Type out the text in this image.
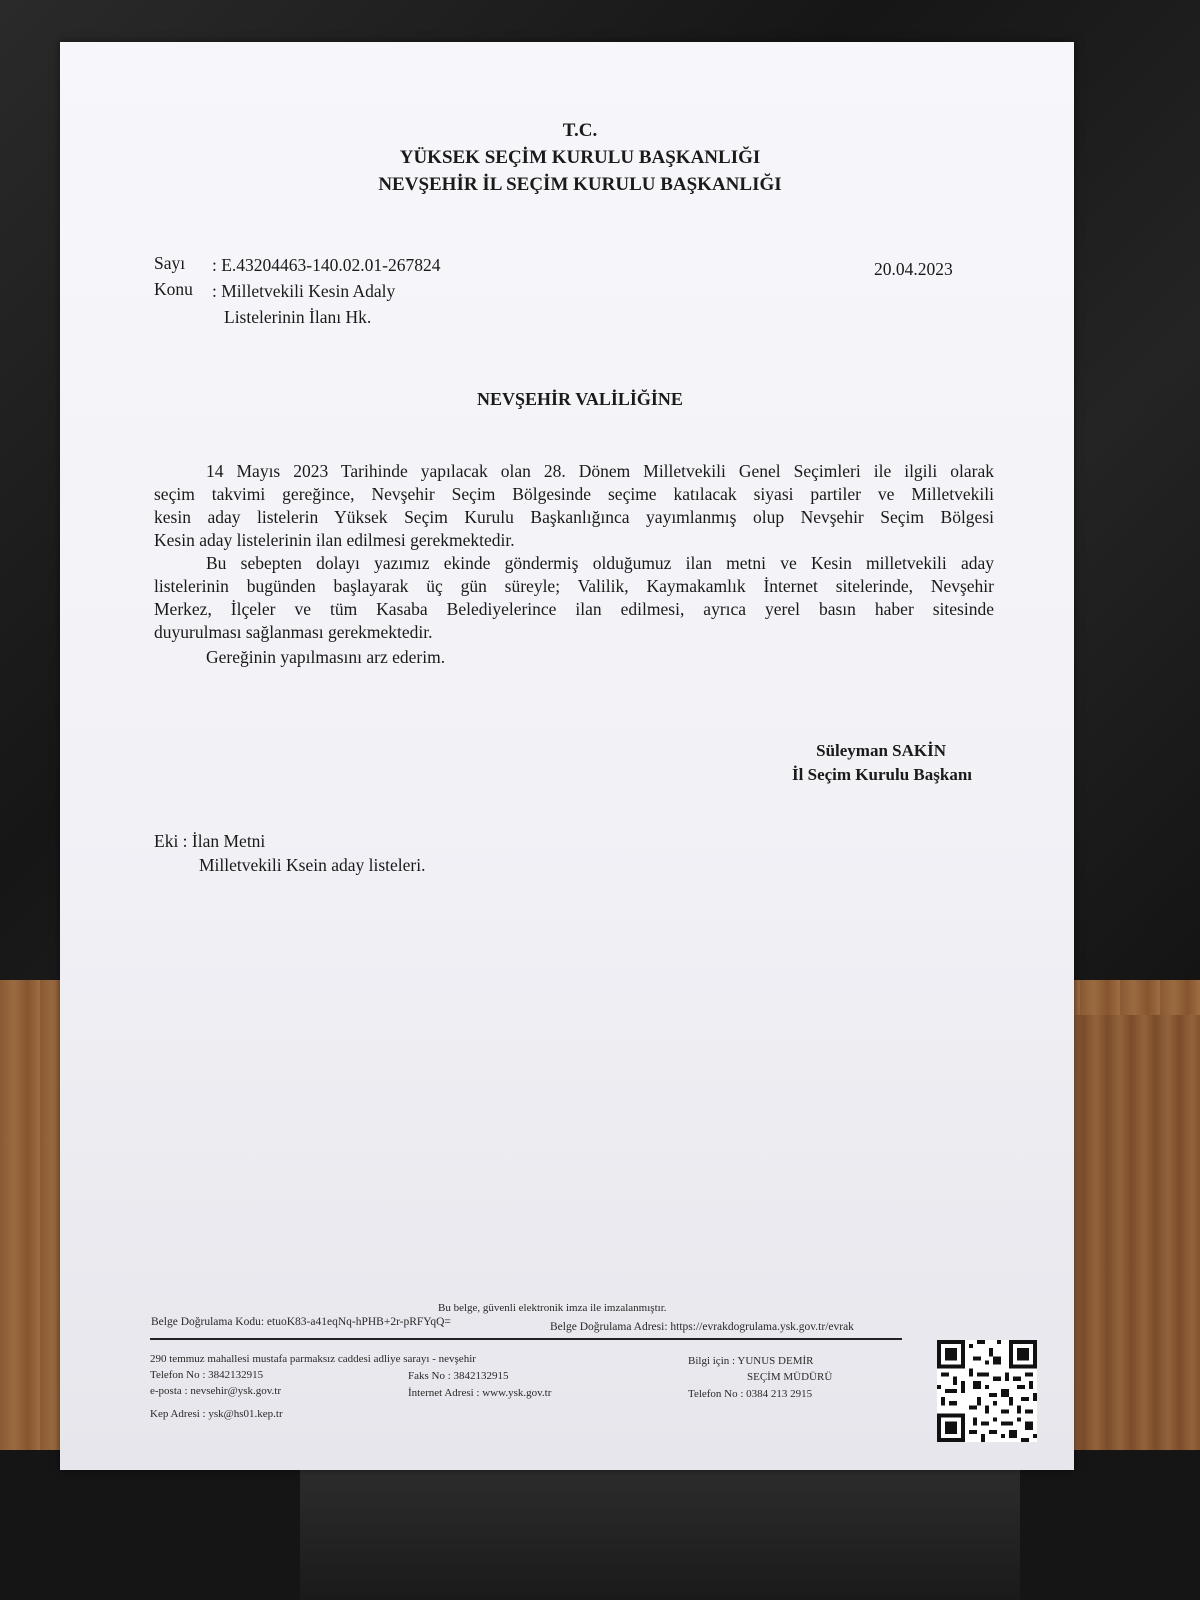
T.C.
YÜKSEK SEÇİM KURULU BAŞKANLIĞI
NEVŞEHİR İL SEÇİM KURULU BAŞKANLIĞI
Sayı : E.43204463-140.02.01-267824	20.04.2023
Konu : Milletvekili Kesin Adaly
Listelerinin İlanı Hk.
NEVŞEHİR VALİLİĞİNE
14 Mayıs 2023 Tarihinde yapılacak olan 28. Dönem Milletvekili Genel Seçimleri ile ilgili olarak
seçim takvimi gereğince, Nevşehir Seçim Bölgesinde seçime katılacak siyasi partiler ve Milletvekili
kesin aday listelerin Yüksek Seçim Kurulu Başkanlığınca yayımlanmış olup Nevşehir Seçim Bölgesi
Kesin aday listelerinin ilan edilmesi gerekmektedir.
Bu sebepten dolayı yazımız ekinde göndermiş olduğumuz ilan metni ve Kesin milletvekili aday
listelerinin bugünden başlayarak üç gün süreyle; Valilik, Kaymakamlık İnternet sitelerinde, Nevşehir
Merkez, İlçeler ve tüm Kasaba Belediyelerince ilan edilmesi, ayrıca yerel basın haber sitesinde
duyurulması sağlanması gerekmektedir.
Gereğinin yapılmasını arz ederim.
Süleyman SAKİN
İl Seçim Kurulu Başkanı
Eki : İlan Metni
Milletvekili Ksein aday listeleri.
Bu belge, güvenli elektronik imza ile imzalanmıştır.
Belge Doğrulama Kodu: etuoK83-a41eqNq-hPHB+2r-pRFYqQ=	Belge Doğrulama Adresi: https://evrakdogrulama.ysk.gov.tr/evrak
290 temmuz mahallesi mustafa parmaksız caddesi adliye sarayı - nevşehir
Telefon No : 3842132915
e-posta : nevsehir@ysk.gov.tr
Kep Adresi : ysk@hs01.kep.tr
Faks No : 3842132915
İnternet Adresi : www.ysk.gov.tr
Bilgi için : YUNUS DEMİR
SEÇİM MÜDÜRÜ
Telefon No : 0384 213 2915
